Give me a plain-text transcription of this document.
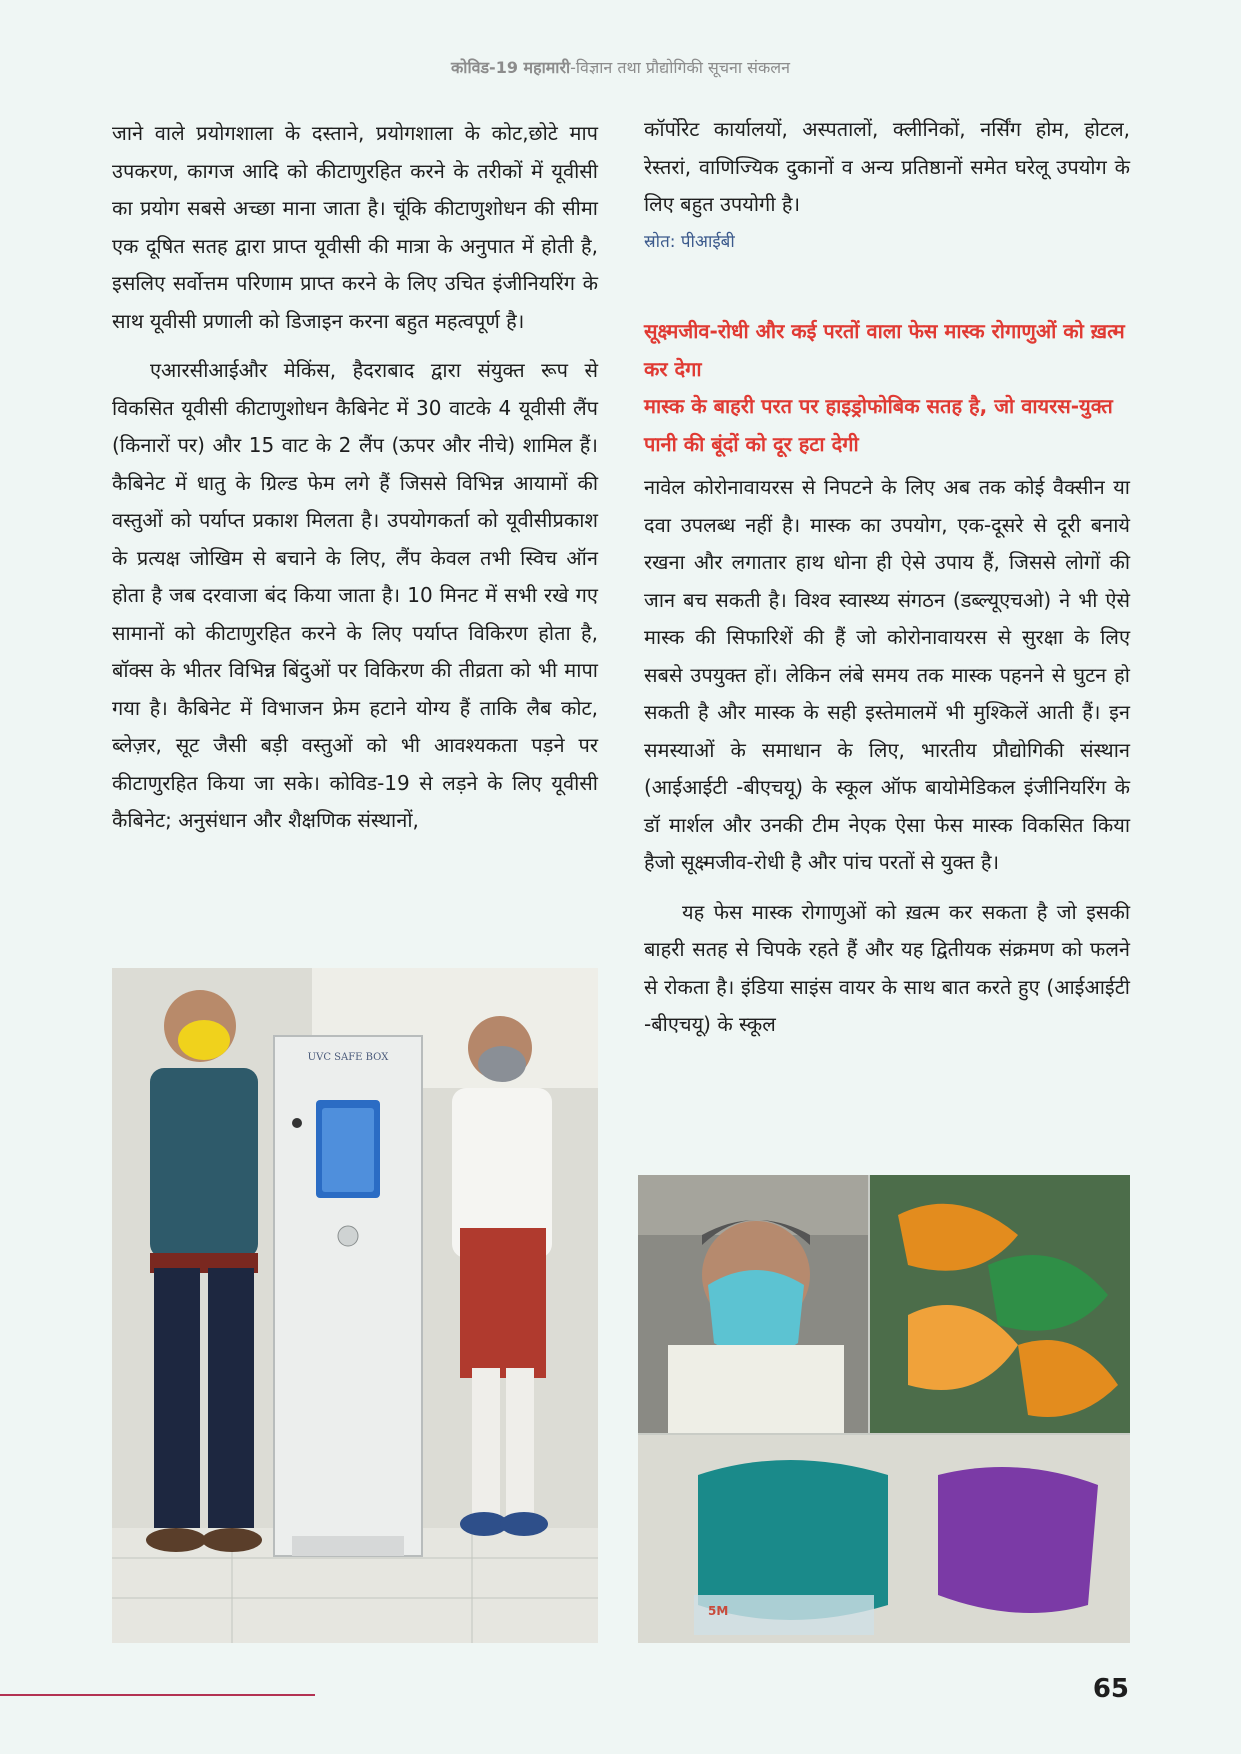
कोविड-19 महामारी-विज्ञान तथा प्रौद्योगिकी सूचना संकलन

जाने वाले प्रयोगशाला के दस्ताने, प्रयोगशाला के कोट,छोटे माप उपकरण, कागज आदि को कीटाणुरहित करने के तरीकों में यूवीसी का प्रयोग सबसे अच्छा माना जाता है। चूंकि कीटाणुशोधन की सीमा एक दूषित सतह द्वारा प्राप्त यूवीसी की मात्रा के अनुपात में होती है, इसलिए सर्वोत्तम परिणाम प्राप्त करने के लिए उचित इंजीनियरिंग के साथ यूवीसी प्रणाली को डिजाइन करना बहुत महत्वपूर्ण है।

एआरसीआईऔर मेकिंस, हैदराबाद द्वारा संयुक्त रूप से विकसित यूवीसी कीटाणुशोधन कैबिनेट में 30 वाटके 4 यूवीसी लैंप (किनारों पर) और 15 वाट के 2 लैंप (ऊपर और नीचे) शामिल हैं। कैबिनेट में धातु के ग्रिल्ड फेम लगे हैं जिससे विभिन्न आयामों की वस्तुओं को पर्याप्त प्रकाश मिलता है। उपयोगकर्ता को यूवीसीप्रकाश के प्रत्यक्ष जोखिम से बचाने के लिए, लैंप केवल तभी स्विच ऑन होता है जब दरवाजा बंद किया जाता है। 10 मिनट में सभी रखे गए सामानों को कीटाणुरहित करने के लिए पर्याप्त विकिरण होता है, बॉक्स के भीतर विभिन्न बिंदुओं पर विकिरण की तीव्रता को भी मापा गया है। कैबिनेट में विभाजन फ्रेम हटाने योग्य हैं ताकि लैब कोट, ब्लेज़र, सूट जैसी बड़ी वस्तुओं को भी आवश्यकता पड़ने पर कीटाणुरहित किया जा सके। कोविड-19 से लड़ने के लिए यूवीसी कैबिनेट; अनुसंधान और शैक्षणिक संस्थानों,

कॉर्पोरेट कार्यालयों, अस्पतालों, क्लीनिकों, नर्सिंग होम, होटल, रेस्तरां, वाणिज्यिक दुकानों व अन्य प्रतिष्ठानों समेत घरेलू उपयोग के लिए बहुत उपयोगी है।

स्रोत: पीआईबी

सूक्ष्मजीव-रोधी और कई परतों वाला फेस मास्क रोगाणुओं को ख़त्म कर देगा
मास्क के बाहरी परत पर हाइड्रोफोबिक सतह है, जो वायरस-युक्त पानी की बूंदों को दूर हटा देगी

नावेल कोरोनावायरस से निपटने के लिए अब तक कोई वैक्सीन या दवा उपलब्ध नहीं है। मास्क का उपयोग, एक-दूसरे से दूरी बनाये रखना और लगातार हाथ धोना ही ऐसे उपाय हैं, जिससे लोगों की जान बच सकती है। विश्व स्वास्थ्य संगठन (डब्ल्यूएचओ) ने भी ऐसे मास्क की सिफारिशें की हैं जो कोरोनावायरस से सुरक्षा के लिए सबसे उपयुक्त हों। लेकिन लंबे समय तक मास्क पहनने से घुटन हो सकती है और मास्क के सही इस्तेमालमें भी मुश्किलें आती हैं। इन समस्याओं के समाधान के लिए, भारतीय प्रौद्योगिकी संस्थान (आईआईटी -बीएचयू) के स्कूल ऑफ बायोमेडिकल इंजीनियरिंग के डॉ मार्शल और उनकी टीम नेएक ऐसा फेस मास्क विकसित किया हैजो सूक्ष्मजीव-रोधी है और पांच परतों से युक्त है।

यह फेस मास्क रोगाणुओं को ख़त्म कर सकता है जो इसकी बाहरी सतह से चिपके रहते हैं और यह द्वितीयक संक्रमण को फलने से रोकता है। इंडिया साइंस वायर के साथ बात करते हुए (आईआईटी -बीएचयू) के स्कूल

UVC SAFE BOX
5M
65
